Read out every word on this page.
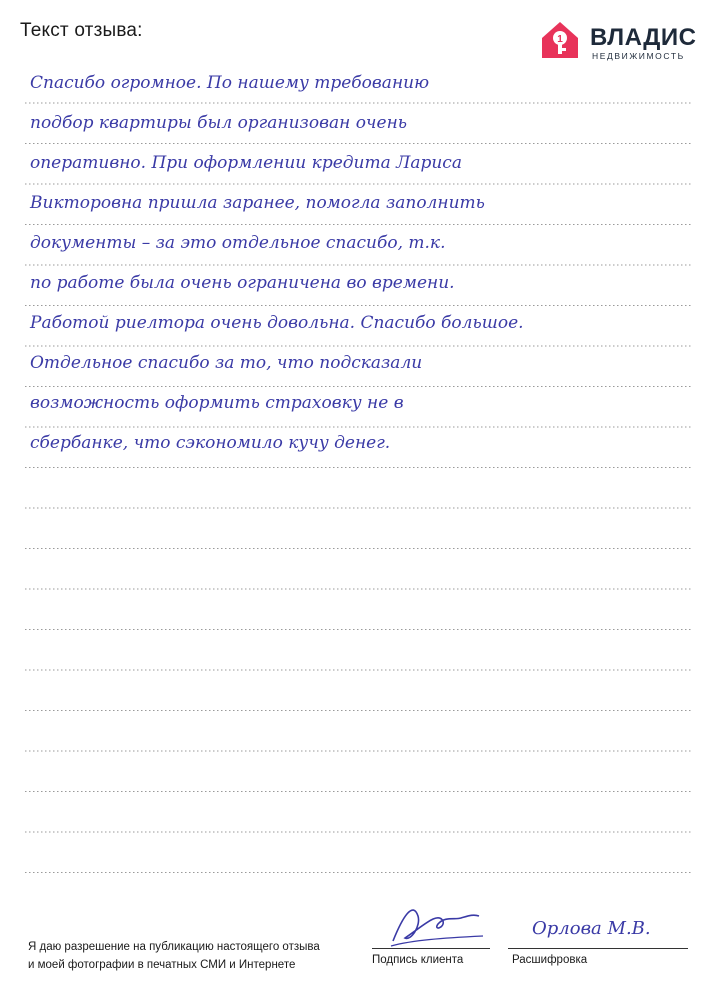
Текст отзыва:	1 ВЛАДИС
НЕДВИЖИМОСТЬ
Спасибо огромное. По нашему требованию
подбор квартиры был организован очень
оперативно. При оформлении кредита Лариса
Викторовна пришла заранее, помогла заполнить
документы – за это отдельное спасибо, т.к.
по работе была очень ограничена во времени.
Работой риелтора очень довольна. Спасибо большое.
Отдельное спасибо за то, что подсказали
возможность оформить страховку не в
сбербанке, что сэкономило кучу денег.
Я даю разрешение на публикацию настоящего отзыва
и моей фотографии в печатных СМИ и Интернете	Подпись клиента
Орлова М.В.
Расшифровка
